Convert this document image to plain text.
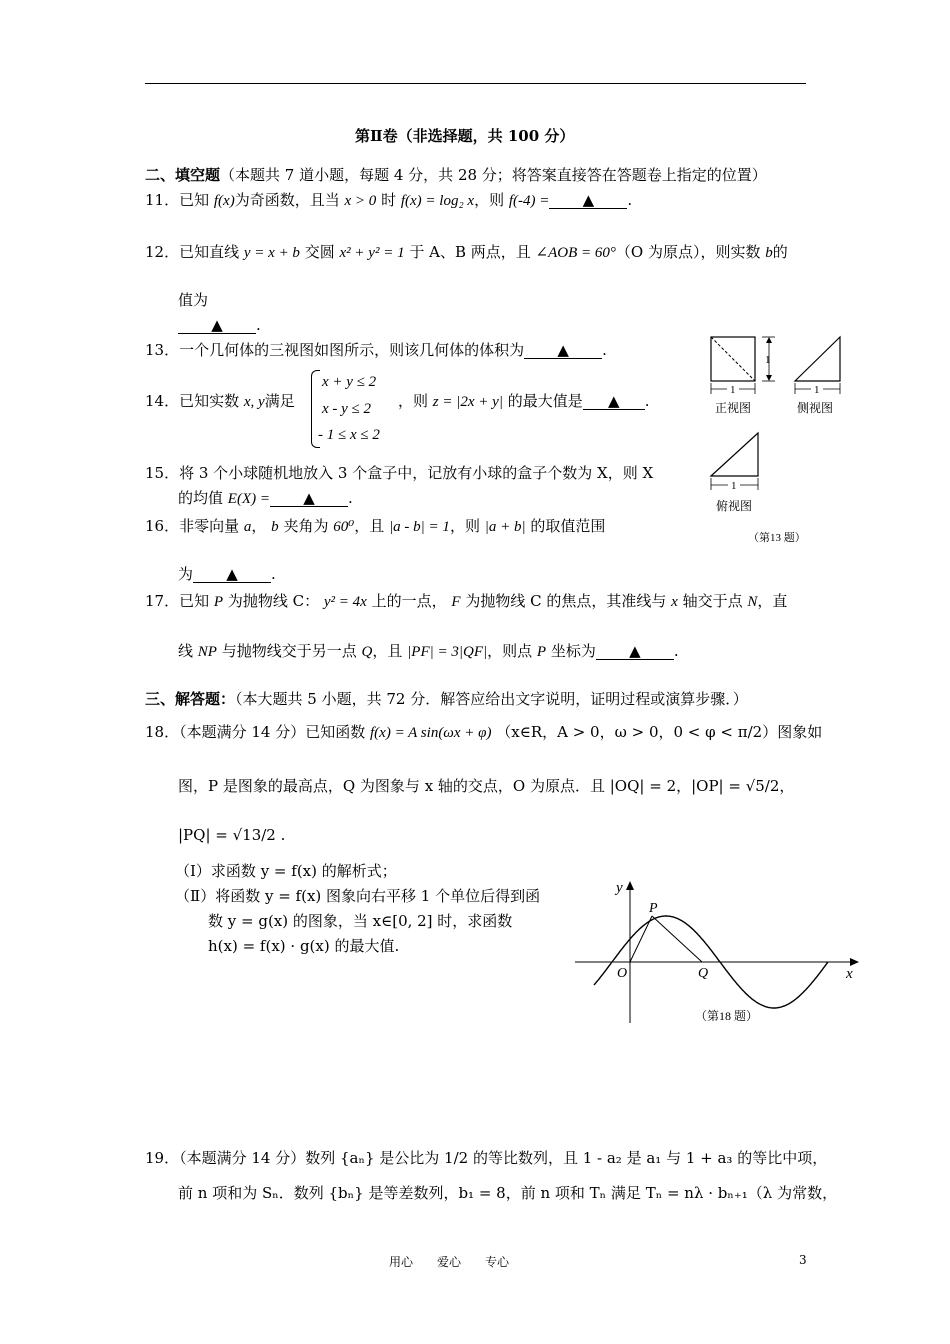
第Ⅱ卷（非选择题，共 100 分）
二、填空题（本题共 7 道小题，每题 4 分，共 28 分；将答案直接答在答题卷上指定的位置）
11．已知 f(x)为奇函数，且当 x > 0 时 f(x) = log₂ x，则 f(-4) = ▲ .
12．已知直线 y = x + b 交圆 x² + y² = 1 于 A、B 两点，且 ∠AOB = 60°（O 为原点），则实数 b的
值为
▲ .
13．一个几何体的三视图如图所示，则该几何体的体积为 ▲ .
1
1
正视图
1
侧视图
1
俯视图
（第13 题）
14．已知实数 x, y满足
x + y ≤ 2
x - y ≤ 2
- 1 ≤ x ≤ 2
，则 z = |2x + y| 的最大值是 ▲ .
15．将 3 个小球随机地放入 3 个盒子中，记放有小球的盒子个数为 X，则 X
的均值 E(X) = ▲ .
16．非零向量 a， b 夹角为 60⁰，且 |a - b| = 1，则 |a + b| 的取值范围
为 ▲ .
17．已知 P 为抛物线 C： y² = 4x 上的一点， F 为抛物线 C 的焦点，其准线与 x 轴交于点 N，直
线 NP 与抛物线交于另一点 Q，且 |PF| = 3|QF|，则点 P 坐标为 ▲ .
三、解答题：（本大题共 5 小题，共 72 分．解答应给出文字说明，证明过程或演算步骤．）
18．（本题满分 14 分）已知函数 f(x) = A sin(ωx + φ) （x∈R，A > 0，ω > 0，0 < φ < π/2）图象如
图，P 是图象的最高点，Q 为图象与 x 轴的交点，O 为原点．且 |OQ| = 2，|OP| = √5/2，
|PQ| = √13/2 .
（Ⅰ）求函数 y = f(x) 的解析式；
（Ⅱ）将函数 y = f(x) 图象向右平移 1 个单位后得到函
数 y = g(x) 的图象，当 x∈[0, 2] 时，求函数
h(x) = f(x) · g(x) 的最大值.
y
x
O
P
Q
（第18 题）
19．（本题满分 14 分）数列 {aₙ} 是公比为 1/2 的等比数列，且 1 - a₂ 是 a₁ 与 1 + a₃ 的等比中项，
前 n 项和为 Sₙ．数列 {bₙ} 是等差数列，b₁ = 8，前 n 项和 Tₙ 满足 Tₙ = nλ · bₙ₊₁（λ 为常数，
用心　　爱心　　专心	3
